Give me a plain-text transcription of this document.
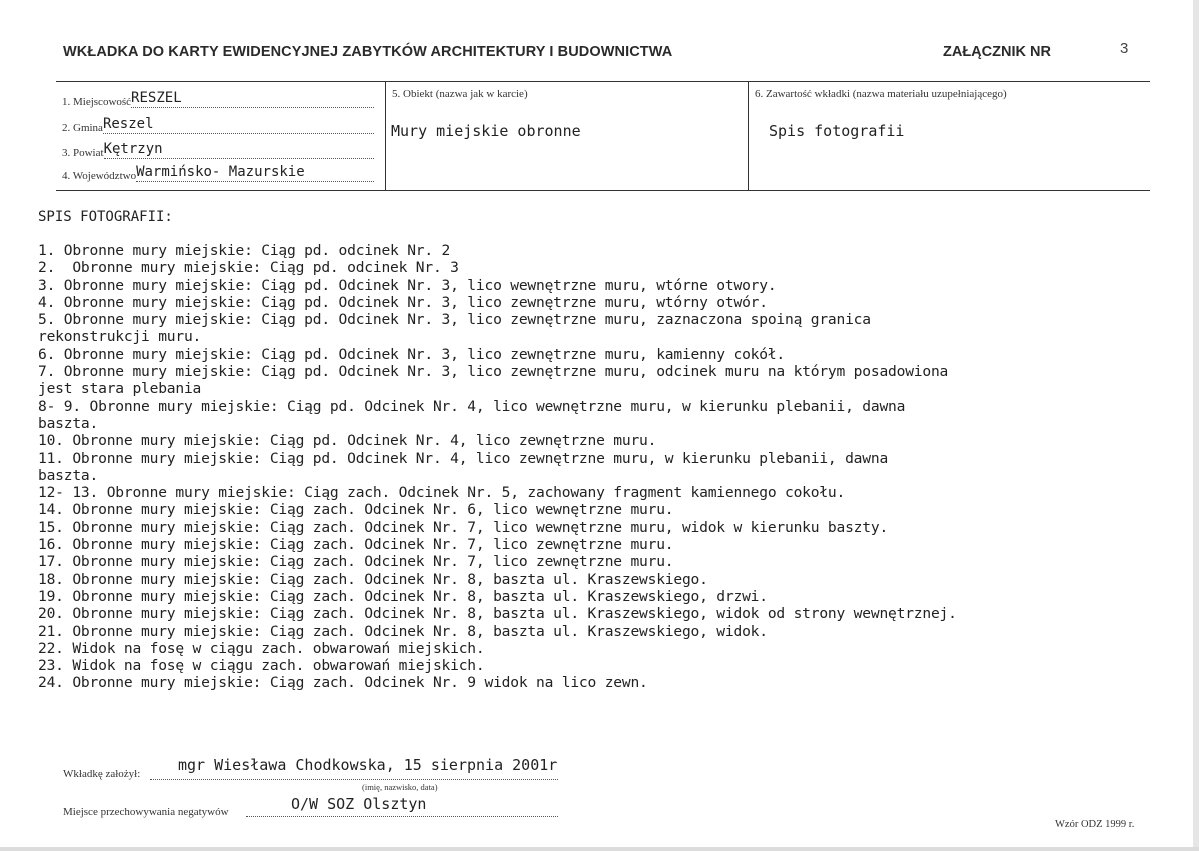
WKŁADKA DO KARTY EWIDENCYJNEJ ZABYTKÓW ARCHITEKTURY I BUDOWNICTWA	ZAŁĄCZNIK NR	3
1. Miejscowość RESZEL
2. Gmina Reszel
3. Powiat Kętrzyn
4. Województwo Warmińsko- Mazurskie
5. Obiekt (nazwa jak w karcie)
Mury miejskie obronne
6. Zawartość wkładki (nazwa materiału uzupełniającego)
Spis fotografii
SPIS FOTOGRAFII:
1. Obronne mury miejskie: Ciąg pd. odcinek Nr. 2
2.  Obronne mury miejskie: Ciąg pd. odcinek Nr. 3
3. Obronne mury miejskie: Ciąg pd. Odcinek Nr. 3, lico wewnętrzne muru, wtórne otwory.
4. Obronne mury miejskie: Ciąg pd. Odcinek Nr. 3, lico zewnętrzne muru, wtórny otwór.
5. Obronne mury miejskie: Ciąg pd. Odcinek Nr. 3, lico zewnętrzne muru, zaznaczona spoiną granica
rekonstrukcji muru.
6. Obronne mury miejskie: Ciąg pd. Odcinek Nr. 3, lico zewnętrzne muru, kamienny cokół.
7. Obronne mury miejskie: Ciąg pd. Odcinek Nr. 3, lico zewnętrzne muru, odcinek muru na którym posadowiona
jest stara plebania
8- 9. Obronne mury miejskie: Ciąg pd. Odcinek Nr. 4, lico wewnętrzne muru, w kierunku plebanii, dawna
baszta.
10. Obronne mury miejskie: Ciąg pd. Odcinek Nr. 4, lico zewnętrzne muru.
11. Obronne mury miejskie: Ciąg pd. Odcinek Nr. 4, lico zewnętrzne muru, w kierunku plebanii, dawna
baszta.
12- 13. Obronne mury miejskie: Ciąg zach. Odcinek Nr. 5, zachowany fragment kamiennego cokołu.
14. Obronne mury miejskie: Ciąg zach. Odcinek Nr. 6, lico wewnętrzne muru.
15. Obronne mury miejskie: Ciąg zach. Odcinek Nr. 7, lico wewnętrzne muru, widok w kierunku baszty.
16. Obronne mury miejskie: Ciąg zach. Odcinek Nr. 7, lico zewnętrzne muru.
17. Obronne mury miejskie: Ciąg zach. Odcinek Nr. 7, lico zewnętrzne muru.
18. Obronne mury miejskie: Ciąg zach. Odcinek Nr. 8, baszta ul. Kraszewskiego.
19. Obronne mury miejskie: Ciąg zach. Odcinek Nr. 8, baszta ul. Kraszewskiego, drzwi.
20. Obronne mury miejskie: Ciąg zach. Odcinek Nr. 8, baszta ul. Kraszewskiego, widok od strony wewnętrznej.
21. Obronne mury miejskie: Ciąg zach. Odcinek Nr. 8, baszta ul. Kraszewskiego, widok.
22. Widok na fosę w ciągu zach. obwarowań miejskich.
23. Widok na fosę w ciągu zach. obwarowań miejskich.
24. Obronne mury miejskie: Ciąg zach. Odcinek Nr. 9 widok na lico zewn.
Wkładkę założył:	mgr Wiesława Chodkowska, 15 sierpnia 2001r
(imię, nazwisko, data)
Miejsce przechowywania negatywów	O/W SOZ Olsztyn
Wzór ODZ 1999 r.
